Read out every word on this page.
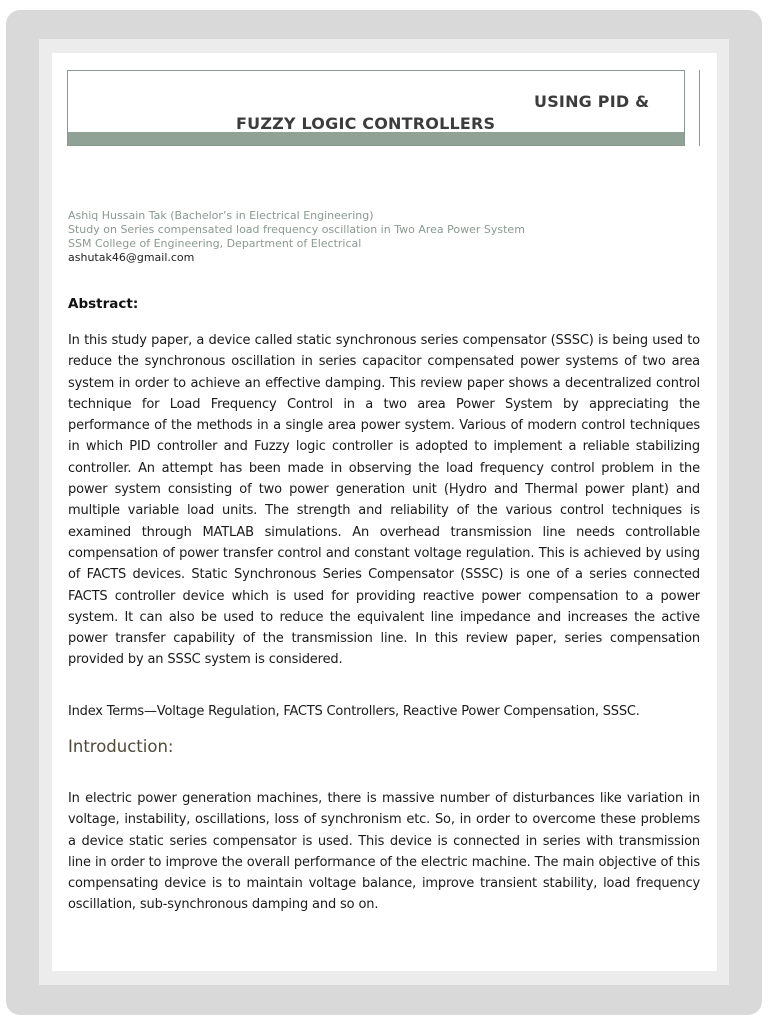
USING PID &
FUZZY LOGIC CONTROLLERS
Ashiq Hussain Tak (Bachelor’s in Electrical Engineering)
Study on Series compensated load frequency oscillation in Two Area Power System
SSM College of Engineering, Department of Electrical
ashutak46@gmail.com
Abstract:
In this study paper, a device called static synchronous series compensator (SSSC) is being used to reduce the synchronous oscillation in series capacitor compensated power systems of two area system in order to achieve an effective damping. This review paper shows a decentralized control technique for Load Frequency Control in a two area Power System by appreciating the performance of the methods in a single area power system. Various of modern control techniques in which PID controller and Fuzzy logic controller is adopted to implement a reliable stabilizing controller. An attempt has been made in observing the load frequency control problem in the power system consisting of two power generation unit (Hydro and Thermal power plant) and multiple variable load units. The strength and reliability of the various control techniques is examined through MATLAB simulations. An overhead transmission line needs controllable compensation of power transfer control and constant voltage regulation. This is achieved by using of FACTS devices. Static Synchronous Series Compensator (SSSC) is one of a series connected FACTS controller device which is used for providing reactive power compensation to a power system. It can also be used to reduce the equivalent line impedance and increases the active power transfer capability of the transmission line. In this review paper, series compensation provided by an SSSC system is considered.
Index Terms—Voltage Regulation, FACTS Controllers, Reactive Power Compensation, SSSC.
Introduction:
In electric power generation machines, there is massive number of disturbances like variation in voltage, instability, oscillations, loss of synchronism etc. So, in order to overcome these problems a device static series compensator is used. This device is connected in series with transmission line in order to improve the overall performance of the electric machine. The main objective of this compensating device is to maintain voltage balance, improve transient stability, load frequency oscillation, sub-synchronous damping and so on.
